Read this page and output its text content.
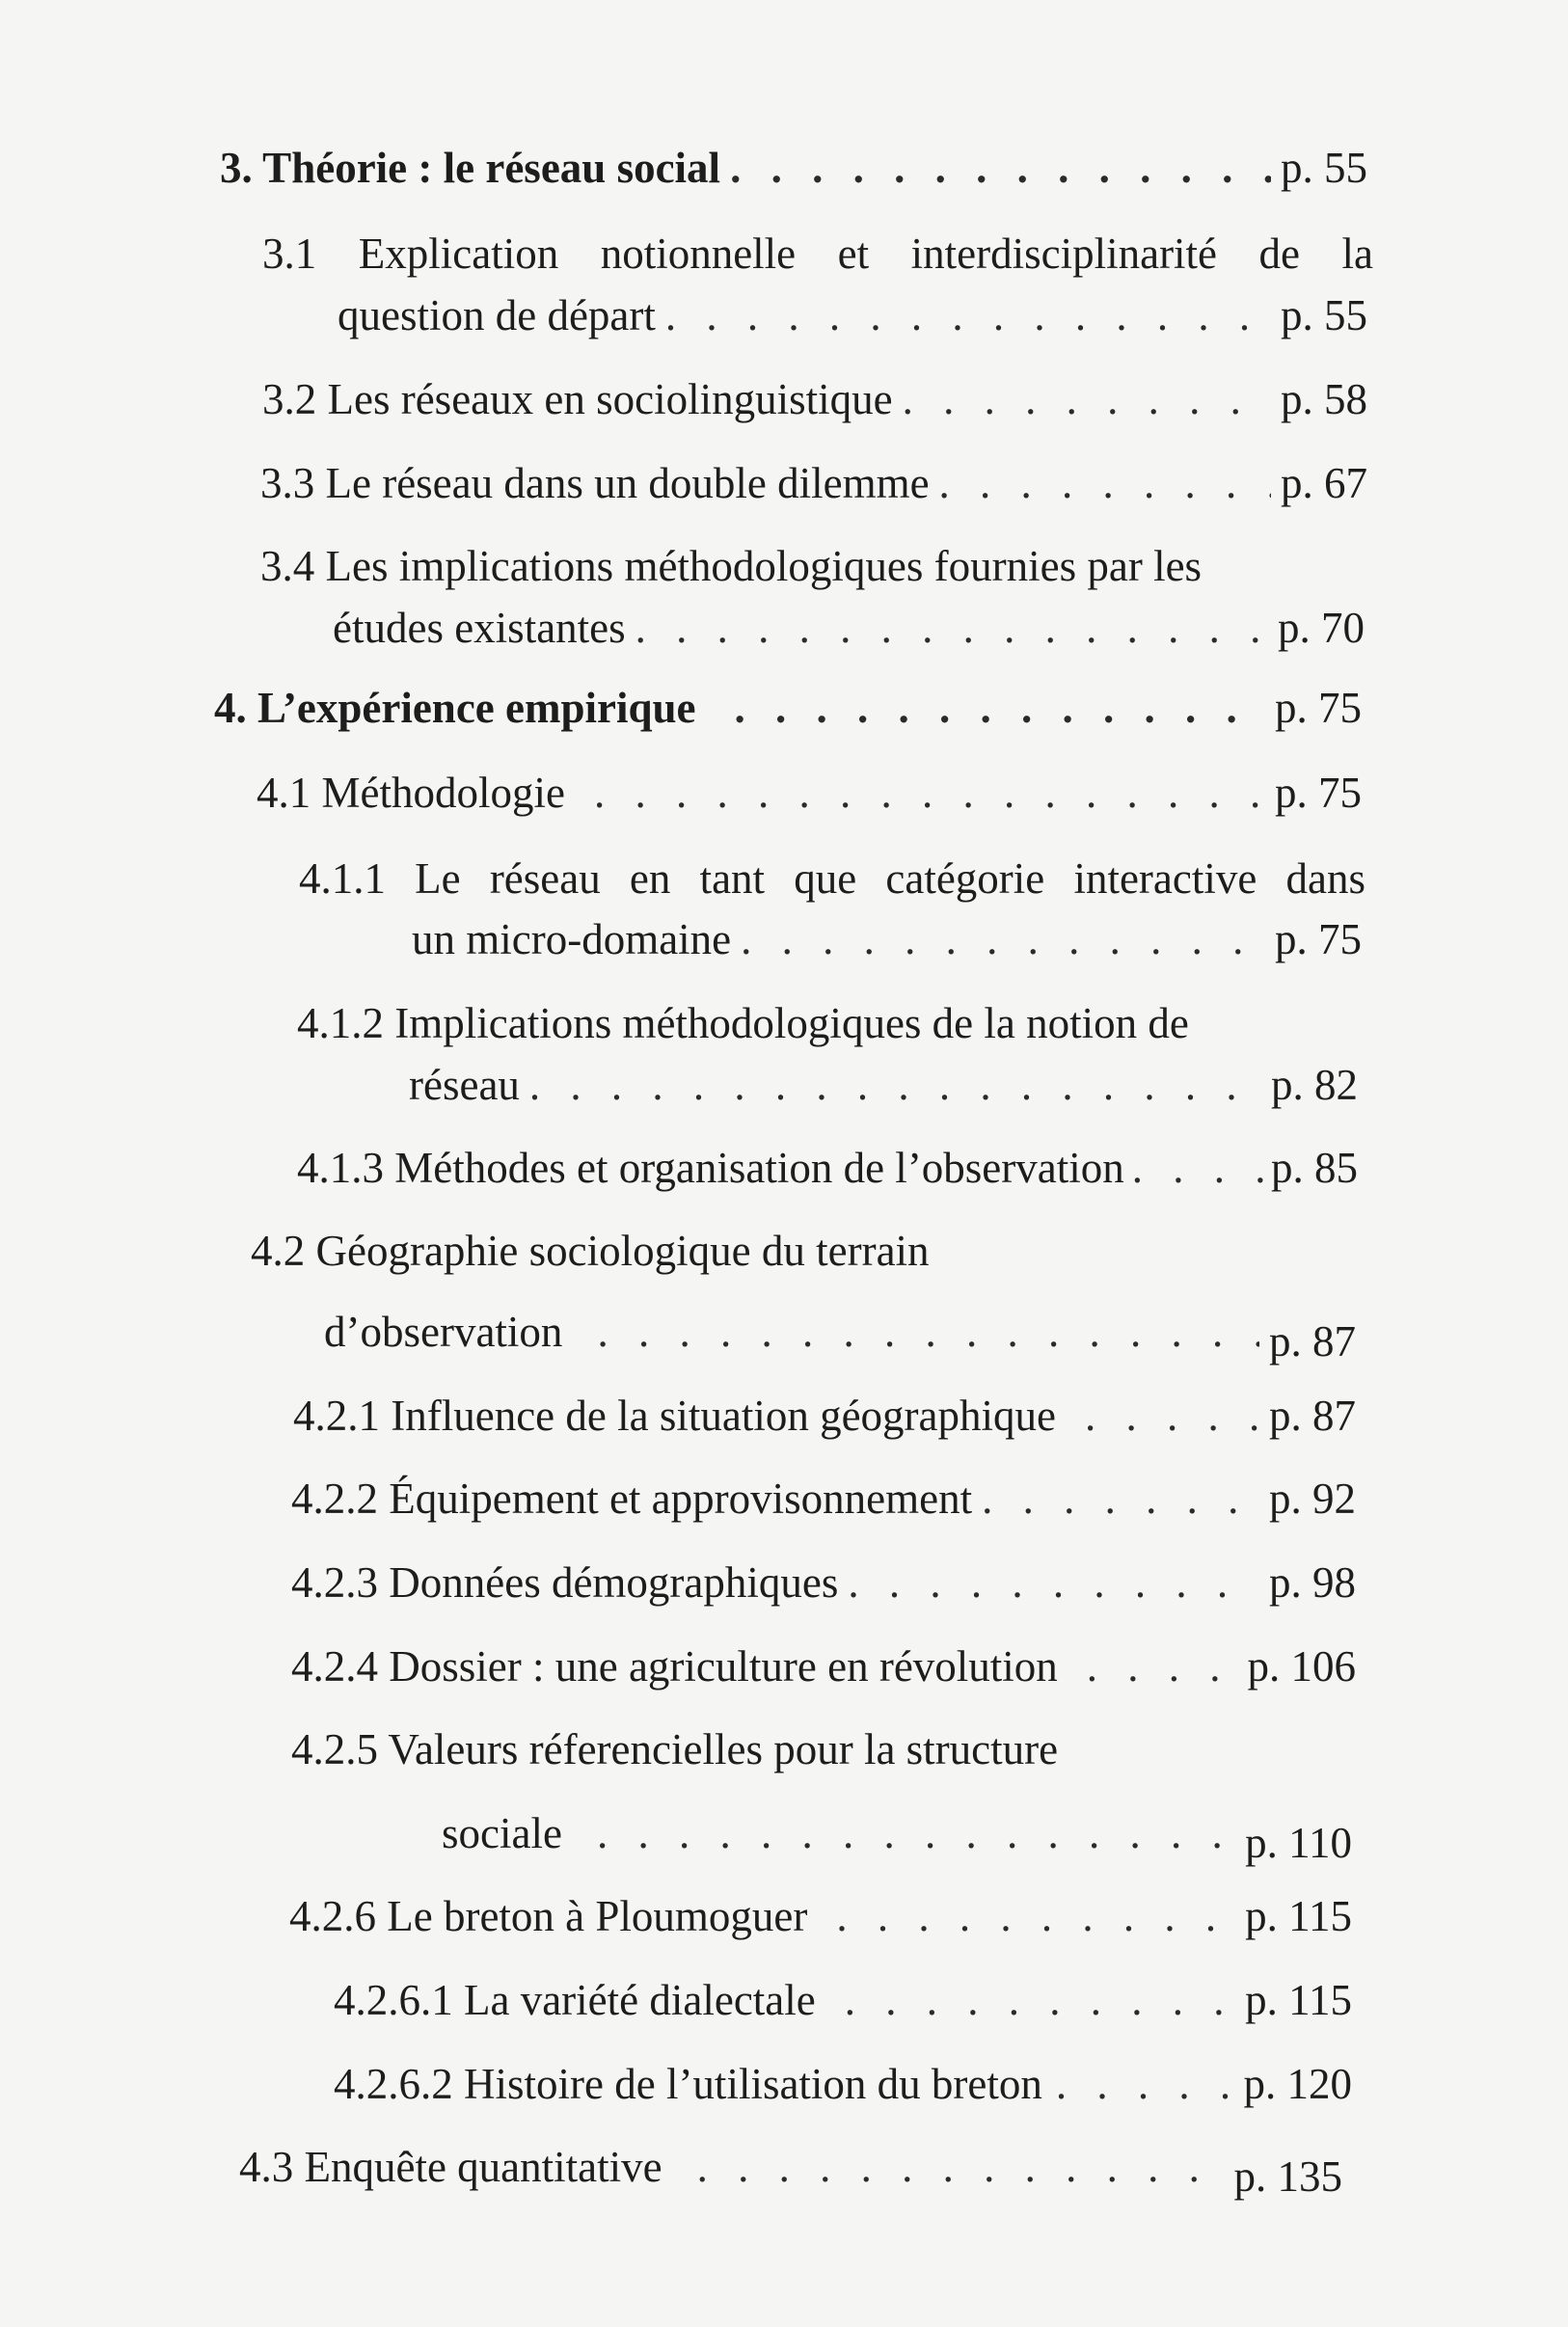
3. Théorie : le réseau social . . .	p. 55
3.1 Explication notionnelle et interdisciplinarité de la
question de départ . . .	p. 55
3.2 Les réseaux en sociolinguistique . . .	p. 58
3.3 Le réseau dans un double dilemme . . .	p. 67
3.4 Les implications méthodologiques fournies par les
études existantes . . .	p. 70
4. L’expérience empirique . . .	p. 75
4.1 Méthodologie . . .	p. 75
4.1.1 Le réseau en tant que catégorie interactive dans
un micro-domaine . . .	p. 75
4.1.2 Implications méthodologiques de la notion de
réseau . . .	p. 82
4.1.3 Méthodes et organisation de l’observation . . .	p. 85
4.2 Géographie sociologique du terrain
d’observation . . .	p. 87
4.2.1 Influence de la situation géographique . . .	p. 87
4.2.2 Équipement et approvisonnement . . .	p. 92
4.2.3 Données démographiques . . .	p. 98
4.2.4 Dossier : une agriculture en révolution . . .	p. 106
4.2.5 Valeurs réferencielles pour la structure
sociale . . .	p. 110
4.2.6 Le breton à Ploumoguer . . .	p. 115
4.2.6.1 La variété dialectale . . .	p. 115
4.2.6.2 Histoire de l’utilisation du breton . . .	p. 120
4.3 Enquête quantitative . . .	p. 135
